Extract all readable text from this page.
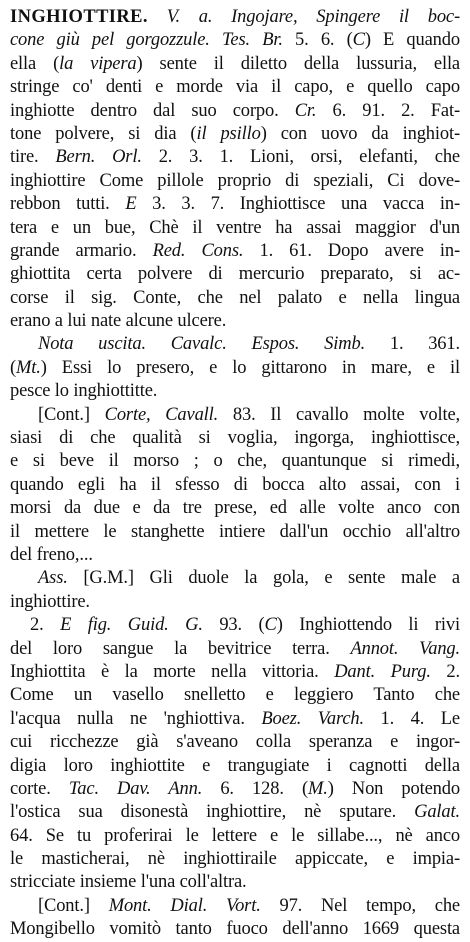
INGHIOTTIRE. V. a. Ingojare, Spingere il boc-
cone giù pel gorgozzule. Tes. Br. 5. 6. (C) E quando
ella (la vipera) sente il diletto della lussuria, ella
stringe co' denti e morde via il capo, e quello capo
inghiotte dentro dal suo corpo. Cr. 6. 91. 2. Fat-
tone polvere, si dia (il psillo) con uovo da inghiot-
tire. Bern. Orl. 2. 3. 1. Lioni, orsi, elefanti, che
inghiottire Come pillole proprio di speziali, Ci dove-
rebbon tutti. E 3. 3. 7. Inghiottisce una vacca in-
tera e un bue, Chè il ventre ha assai maggior d'un
grande armario. Red. Cons. 1. 61. Dopo avere in-
ghiottita certa polvere di mercurio preparato, si ac-
corse il sig. Conte, che nel palato e nella lingua
erano a lui nate alcune ulcere.
Nota uscita. Cavalc. Espos. Simb. 1. 361.
(Mt.) Essi lo presero, e lo gittarono in mare, e il
pesce lo inghiottitte.
[Cont.] Corte, Cavall. 83. Il cavallo molte volte,
siasi di che qualità si voglia, ingorga, inghiottisce,
e si beve il morso ; o che, quantunque si rimedi,
quando egli ha il sfesso di bocca alto assai, con i
morsi da due e da tre prese, ed alle volte anco con
il mettere le stanghette intiere dall'un occhio all'altro
del freno,...
Ass. [G.M.] Gli duole la gola, e sente male a
inghiottire.
2. E fig. Guid. G. 93. (C) Inghiottendo li rivi
del loro sangue la bevitrice terra. Annot. Vang.
Inghiottita è la morte nella vittoria. Dant. Purg. 2.
Come un vasello snelletto e leggiero Tanto che
l'acqua nulla ne 'nghiottiva. Boez. Varch. 1. 4. Le
cui ricchezze già s'aveano colla speranza e ingor-
digia loro inghiottite e trangugiate i cagnotti della
corte. Tac. Dav. Ann. 6. 128. (M.) Non potendo
l'ostica sua disonestà inghiottire, nè sputare. Galat.
64. Se tu proferirai le lettere e le sillabe..., nè anco
le masticherai, nè inghiottiraile appiccate, e impia-
stricciate insieme l'una coll'altra.
[Cont.] Mont. Dial. Vort. 97. Nel tempo, che
Mongibello vomitò tanto fuoco dell'anno 1669 questa
